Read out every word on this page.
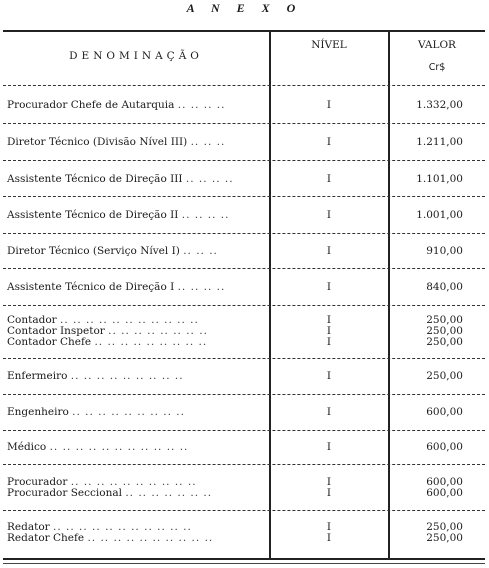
A N E X O
DENOMINAÇÃO
NÍVEL	VALOR
Cr$
Procurador Chefe de Autarquia .. .. .. ..	I	1.332,00
Diretor Técnico (Divisão Nível III) .. .. ..	I	1.211,00
Assistente Técnico de Direção III .. .. .. ..	I	1.101,00
Assistente Técnico de Direção II .. .. .. ..	I	1.001,00
Diretor Técnico (Serviço Nível I) .. .. ..	I	910,00
Assistente Técnico de Direção I .. .. .. ..	I	840,00
Contador .. .. .. .. .. .. .. .. .. .. ..	I	250,00
Contador Inspetor .. .. .. .. .. .. .. ..	I	250,00
Contador Chefe .. .. .. .. .. .. .. .. ..	I	250,00
Enfermeiro .. .. .. .. .. .. .. .. ..	I	250,00
Engenheiro .. .. .. .. .. .. .. .. ..	I	600,00
Médico .. .. .. .. .. .. .. .. .. .. ..	I	600,00
Procurador .. .. .. .. .. .. .. .. .. ..	I	600,00
Procurador Seccional .. .. .. .. .. .. ..	I	600,00
Redator .. .. .. .. .. .. .. .. .. .. ..	I	250,00
Redator Chefe .. .. .. .. .. .. .. .. .. ..	I	250,00
